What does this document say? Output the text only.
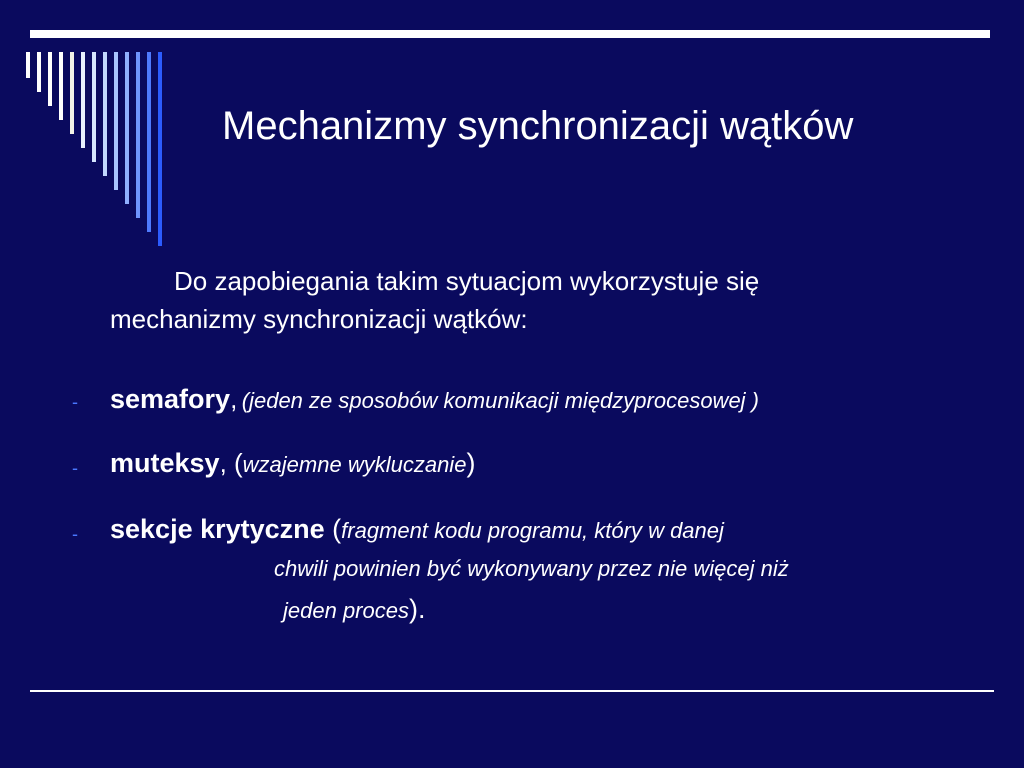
Mechanizmy synchronizacji wątków
Do zapobiegania takim sytuacjom wykorzystuje się
mechanizmy synchronizacji wątków:
- semafory, (jeden ze sposobów komunikacji międzyprocesowej )
- muteksy, (wzajemne wykluczanie)
- sekcje krytyczne (fragment kodu programu, który w danej
chwili powinien być wykonywany przez nie więcej niż
jeden proces).
